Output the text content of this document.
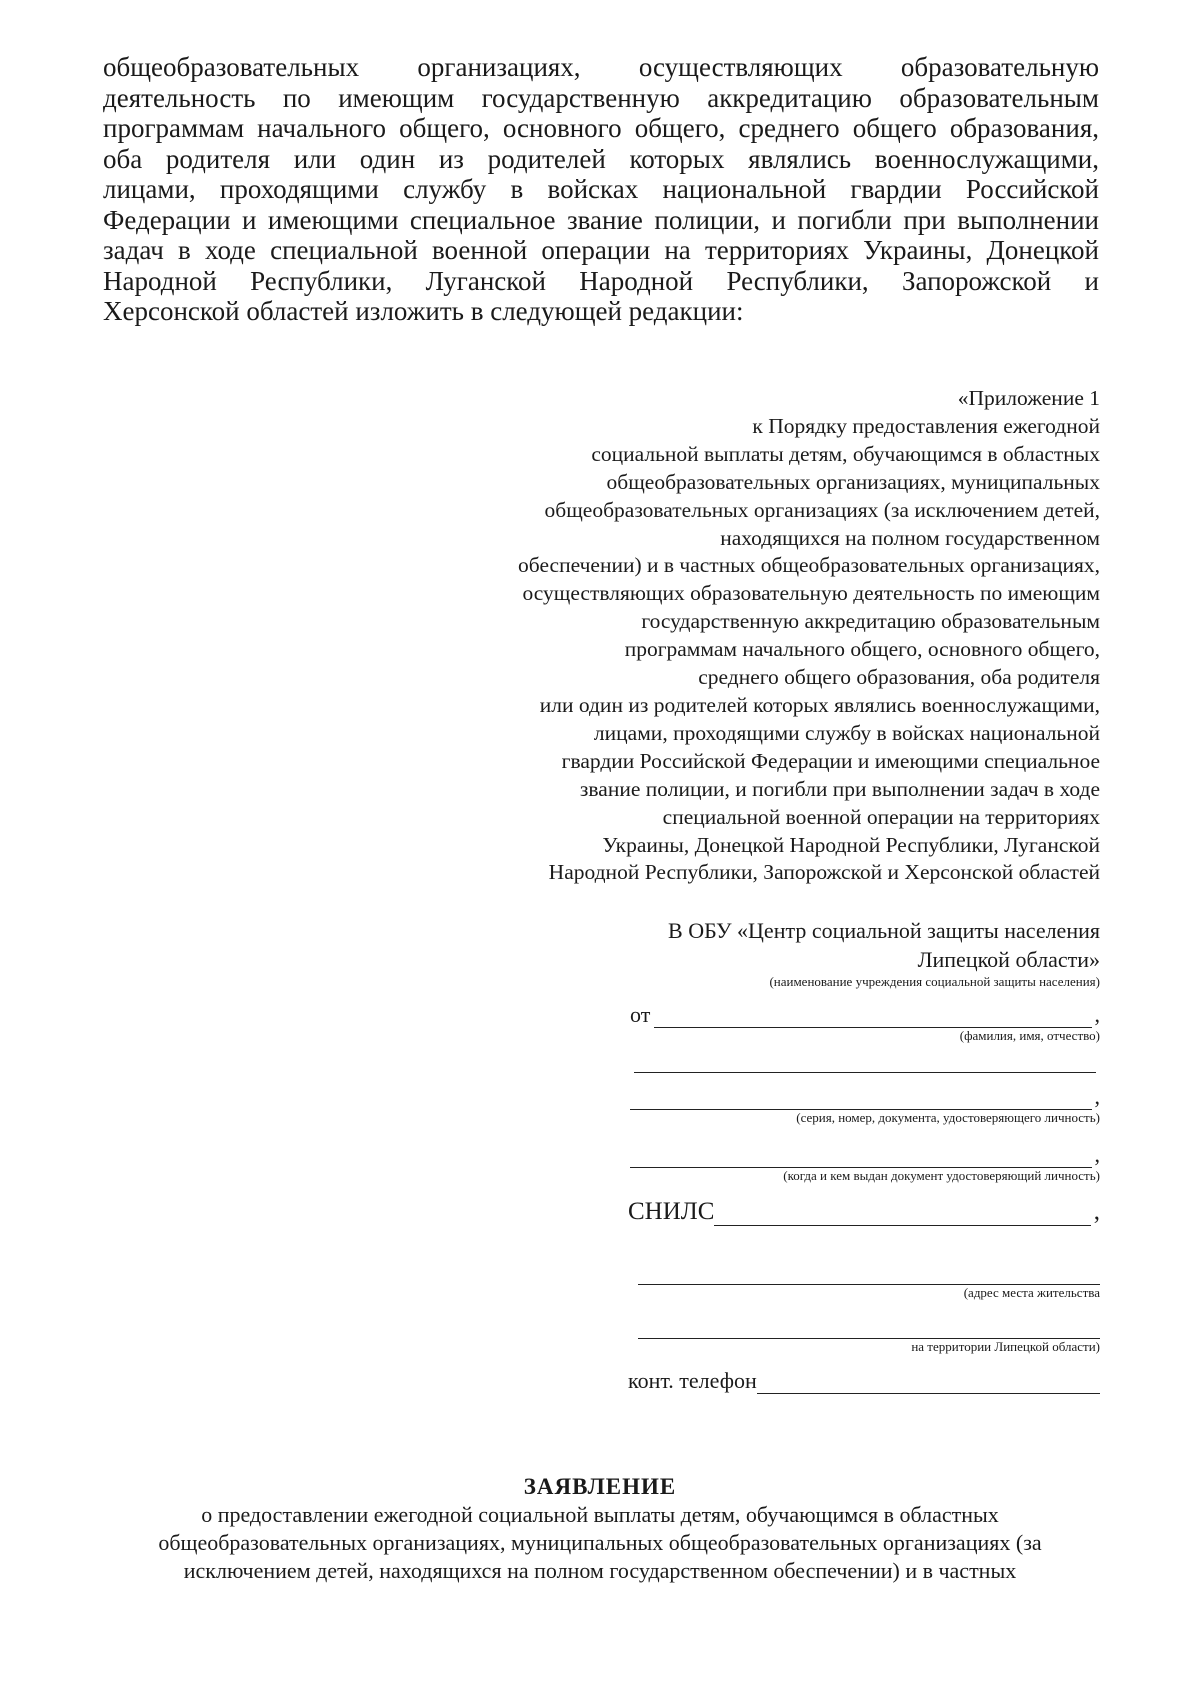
общеобразовательных организациях, осуществляющих образовательную
деятельность по имеющим государственную аккредитацию образовательным
программам начального общего, основного общего, среднего общего образования,
оба родителя или один из родителей которых являлись военнослужащими,
лицами, проходящими службу в войсках национальной гвардии Российской
Федерации и имеющими специальное звание полиции, и погибли при выполнении
задач в ходе специальной военной операции на территориях Украины, Донецкой
Народной Республики, Луганской Народной Республики, Запорожской и
Херсонской областей изложить в следующей редакции:
«Приложение 1
к Порядку предоставления ежегодной
социальной выплаты детям, обучающимся в областных
общеобразовательных организациях, муниципальных
общеобразовательных организациях (за исключением детей,
находящихся на полном государственном
обеспечении) и в частных общеобразовательных организациях,
осуществляющих образовательную деятельность по имеющим
государственную аккредитацию образовательным
программам начального общего, основного общего,
среднего общего образования, оба родителя
или один из родителей которых являлись военнослужащими,
лицами, проходящими службу в войсках национальной
гвардии Российской Федерации и имеющими специальное
звание полиции, и погибли при выполнении задач в ходе
специальной военной операции на территориях
Украины, Донецкой Народной Республики, Луганской
Народной Республики, Запорожской и Херсонской областей
В ОБУ «Центр социальной защиты населения
Липецкой области»
(наименование учреждения социальной защиты населения)
от	,
(фамилия, имя, отчество)
,
(серия, номер, документа, удостоверяющего личность)
,
(когда и кем выдан документ удостоверяющий личность)
СНИЛС	,
(адрес места жительства
на территории Липецкой области)
конт. телефон
ЗАЯВЛЕНИЕ
о предоставлении ежегодной социальной выплаты детям, обучающимся в областных
общеобразовательных организациях, муниципальных общеобразовательных организациях (за
исключением детей, находящихся на полном государственном обеспечении) и в частных
